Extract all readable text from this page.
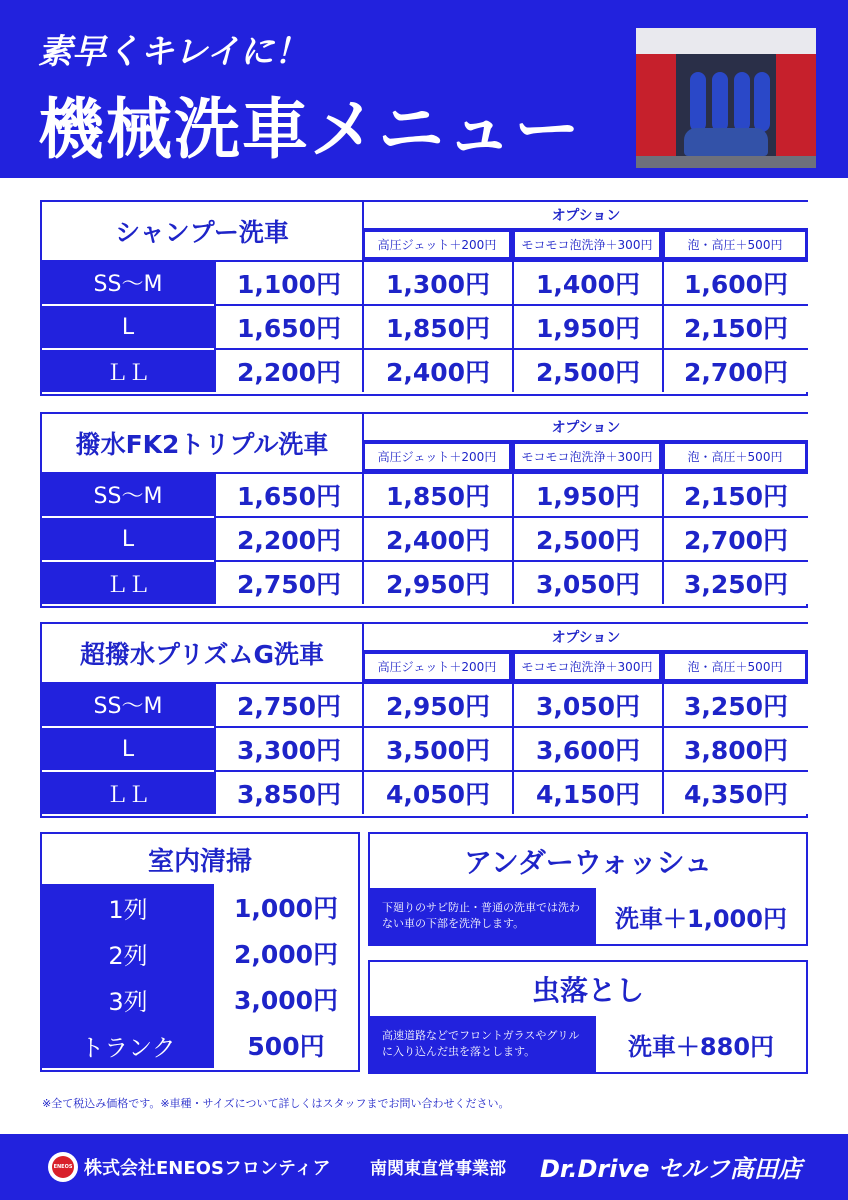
素早くキレイに！
機械洗車メニュー
シャンプー洗車
オプション
高圧ジェット＋200円	モコモコ泡洗浄＋300円	泡・高圧＋500円
SS～M	1,100円	1,300円	1,400円	1,600円
L	1,650円	1,850円	1,950円	2,150円
ＬＬ	2,200円	2,400円	2,500円	2,700円
撥水FK2トリプル洗車
オプション
高圧ジェット＋200円	モコモコ泡洗浄＋300円	泡・高圧＋500円
SS～M	1,650円	1,850円	1,950円	2,150円
L	2,200円	2,400円	2,500円	2,700円
ＬＬ	2,750円	2,950円	3,050円	3,250円
超撥水プリズムG洗車
オプション
高圧ジェット＋200円	モコモコ泡洗浄＋300円	泡・高圧＋500円
SS～M	2,750円	2,950円	3,050円	3,250円
L	3,300円	3,500円	3,600円	3,800円
ＬＬ	3,850円	4,050円	4,150円	4,350円
室内清掃
1列	1,000円
2列	2,000円
3列	3,000円
トランク	500円
アンダーウォッシュ
下廻りのサビ防止・普通の洗車では洗わない車の下部を洗浄します。	洗車＋1,000円
虫落とし
高速道路などでフロントガラスやグリルに入り込んだ虫を落とします。	洗車＋880円
※全て税込み価格です。※車種・サイズについて詳しくはスタッフまでお問い合わせください。
ENEOS 株式会社ENEOSフロンティア 南関東直営事業部 Dr.Drive セルフ高田店
